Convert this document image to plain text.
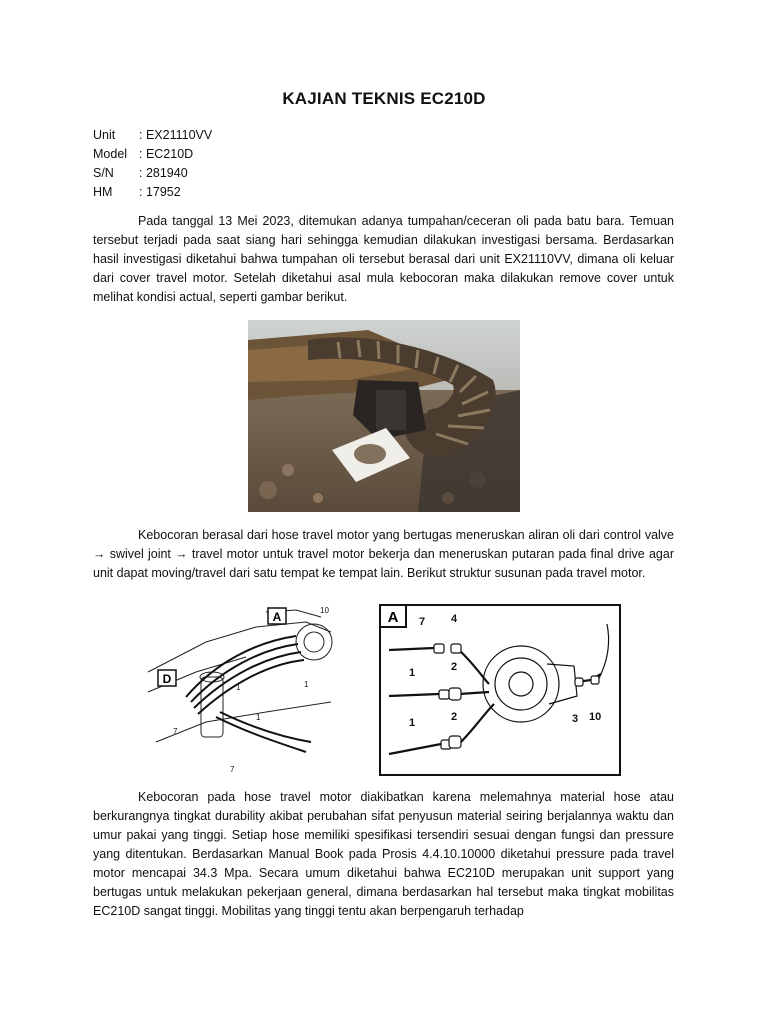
KAJIAN TEKNIS EC210D
Unit	: EX21110VV
Model : EC210D
S/N	: 281940
HM	: 17952
Pada tanggal 13 Mei 2023, ditemukan adanya tumpahan/ceceran oli pada batu bara. Temuan tersebut terjadi pada saat siang hari sehingga kemudian dilakukan investigasi bersama. Berdasarkan hasil investigasi diketahui bahwa tumpahan oli tersebut berasal dari unit EX21110VV, dimana oli keluar dari cover travel motor. Setelah diketahui asal mula kebocoran maka dilakukan remove cover untuk melihat kondisi actual, seperti gambar berikut.
Kebocoran berasal dari hose travel motor yang bertugas meneruskan aliran oli dari control valve → swivel joint → travel motor untuk travel motor bekerja dan meneruskan putaran pada final drive agar unit dapat moving/travel dari satu tempat ke tempat lain. Berikut struktur susunan pada travel motor.
A
D
10
1	1
1
7
7
A 7 4
1	2
1	2	3 10
Kebocoran pada hose travel motor diakibatkan karena melemahnya material hose atau berkurangnya tingkat durability akibat perubahan sifat penyusun material seiring berjalannya waktu dan umur pakai yang tinggi. Setiap hose memiliki spesifikasi tersendiri sesuai dengan fungsi dan pressure yang ditentukan. Berdasarkan Manual Book pada Prosis 4.4.10.10000 diketahui pressure pada travel motor mencapai 34.3 Mpa. Secara umum diketahui bahwa EC210D merupakan unit support yang bertugas untuk melakukan pekerjaan general, dimana berdasarkan hal tersebut maka tingkat mobilitas EC210D sangat tinggi. Mobilitas yang tinggi tentu akan berpengaruh terhadap
